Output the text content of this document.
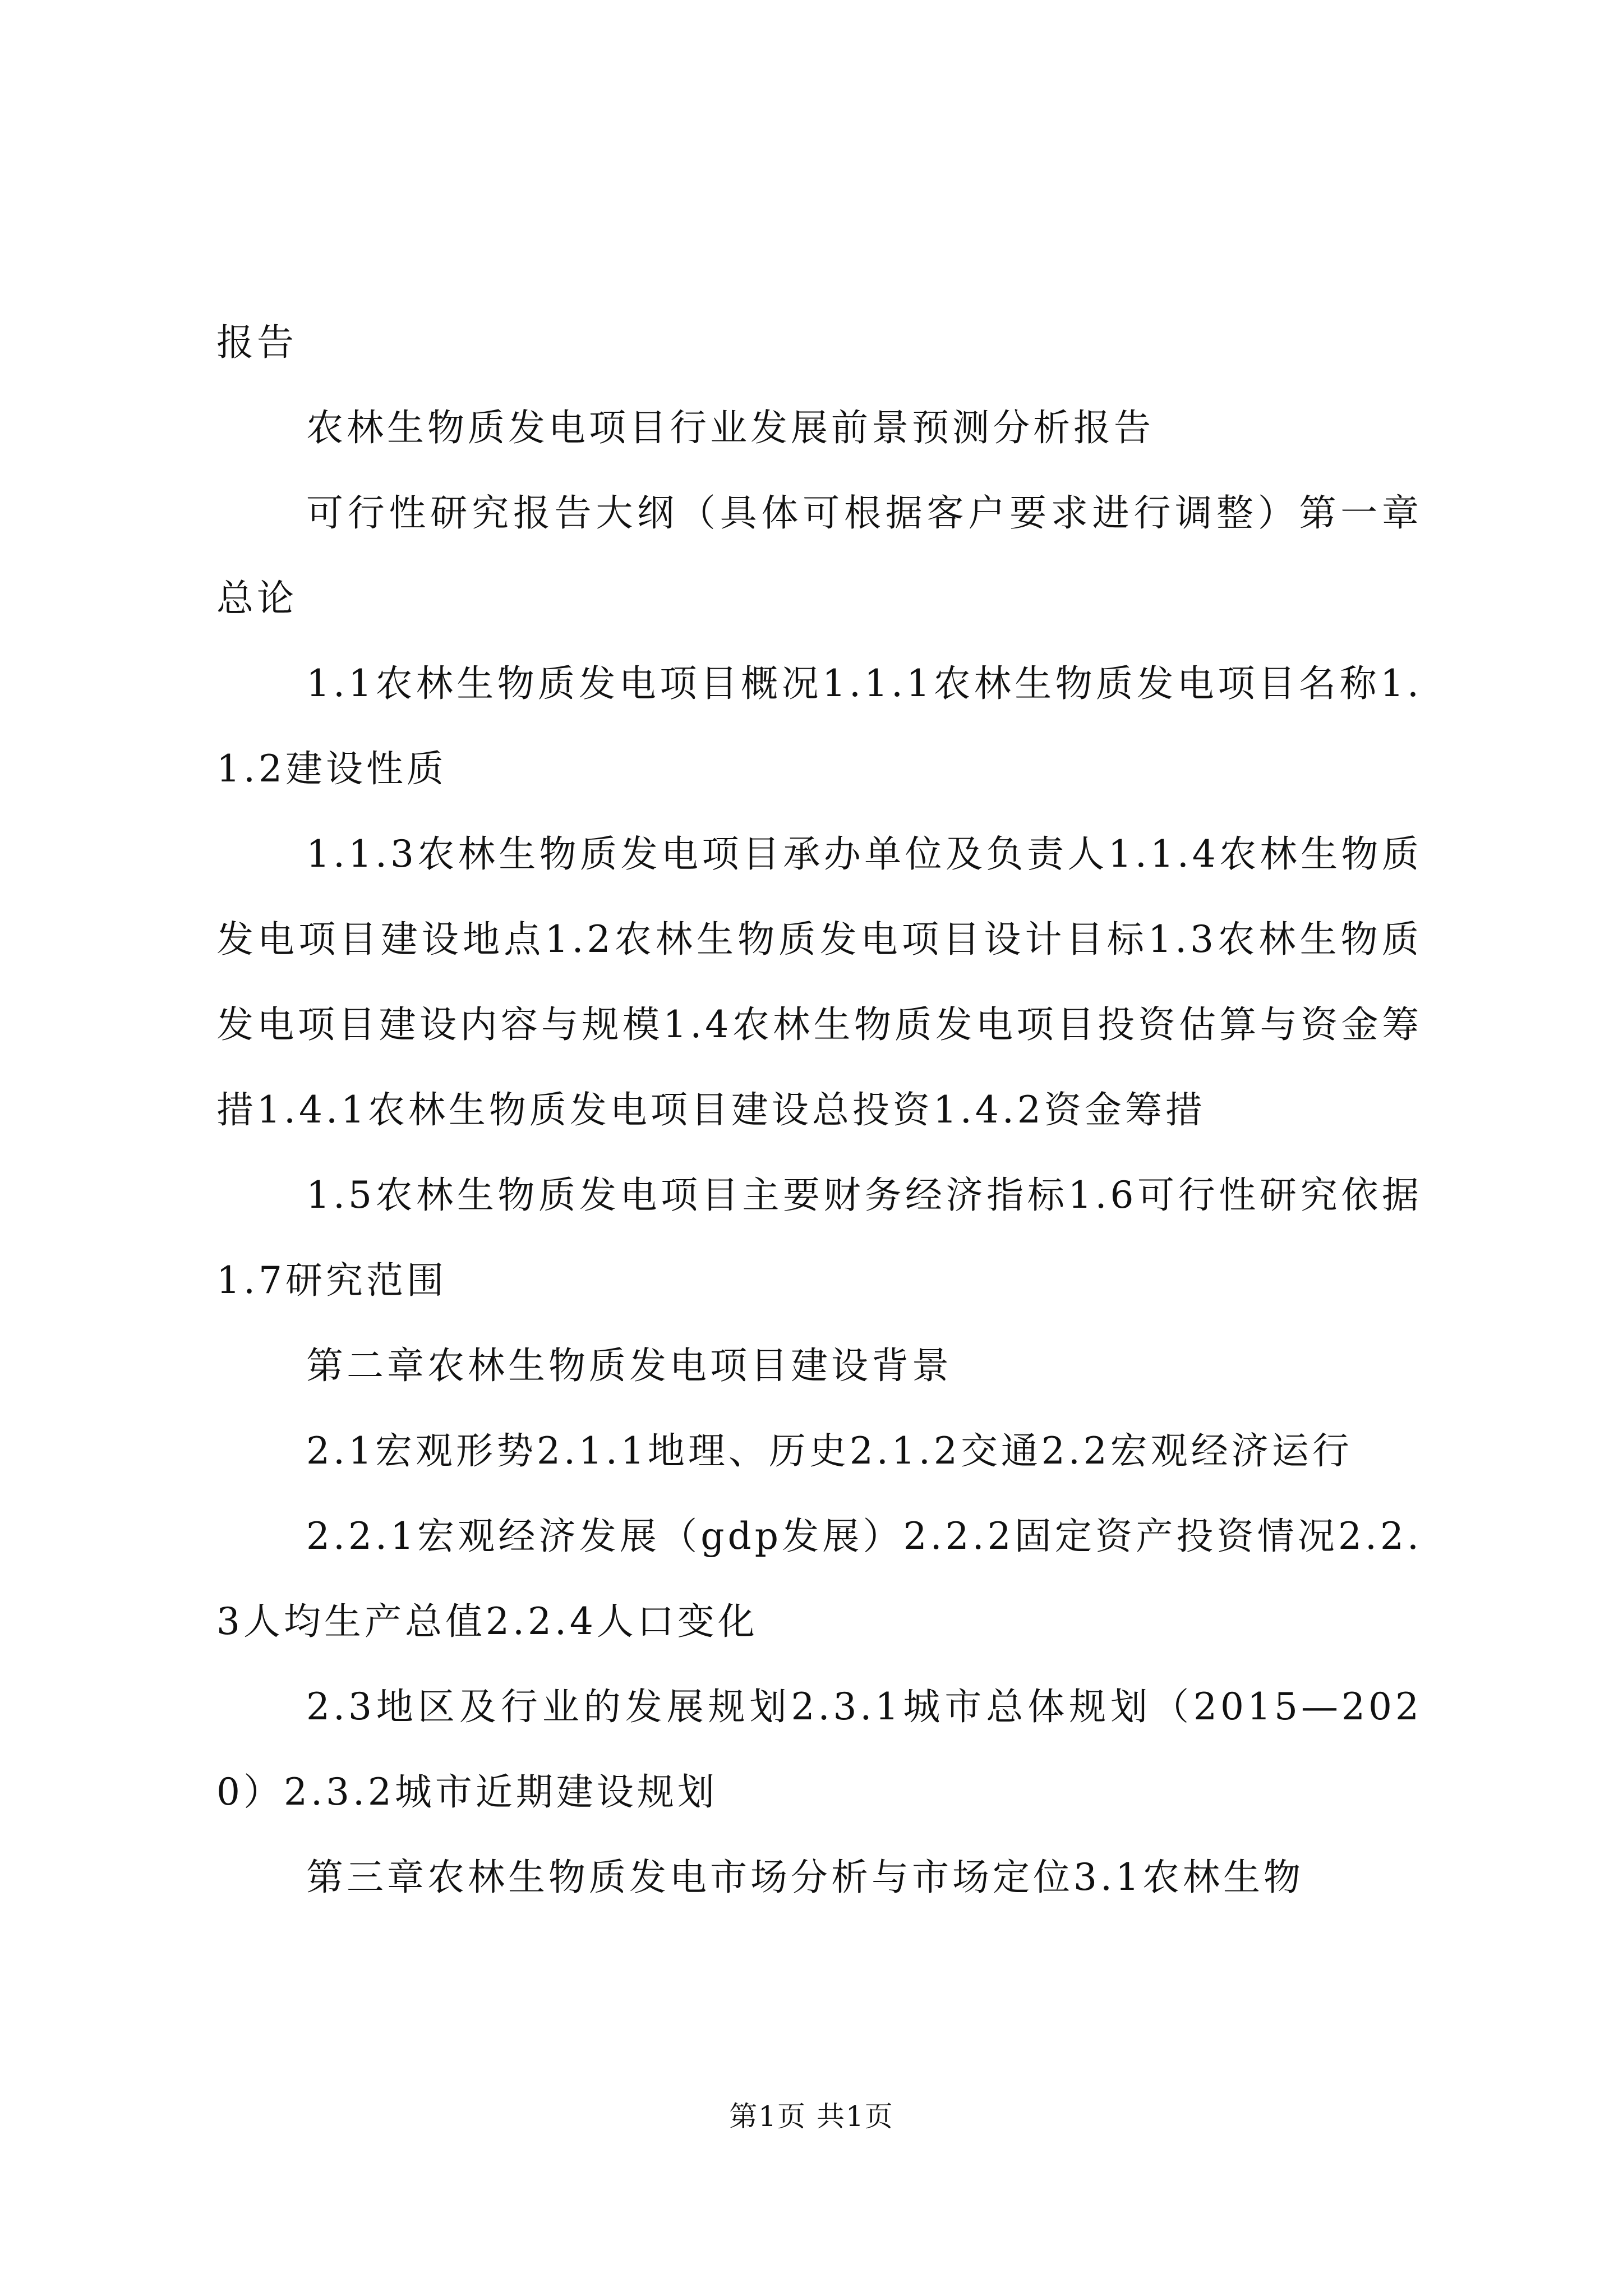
报告

农林生物质发电项目行业发展前景预测分析报告

可行性研究报告大纲（具体可根据客户要求进行调整）第一章总论

1.1农林生物质发电项目概况1.1.1农林生物质发电项目名称1.1.2建设性质

1.1.3农林生物质发电项目承办单位及负责人1.1.4农林生物质发电项目建设地点1.2农林生物质发电项目设计目标1.3农林生物质发电项目建设内容与规模1.4农林生物质发电项目投资估算与资金筹措1.4.1农林生物质发电项目建设总投资1.4.2资金筹措

1.5农林生物质发电项目主要财务经济指标1.6可行性研究依据1.7研究范围

第二章农林生物质发电项目建设背景

2.1宏观形势2.1.1地理、历史2.1.2交通2.2宏观经济运行

2.2.1宏观经济发展（gdp发展）2.2.2固定资产投资情况2.2.3人均生产总值2.2.4人口变化

2.3地区及行业的发展规划2.3.1城市总体规划（2015—2020）2.3.2城市近期建设规划

第三章农林生物质发电市场分析与市场定位3.1农林生物

第1页 共1页
